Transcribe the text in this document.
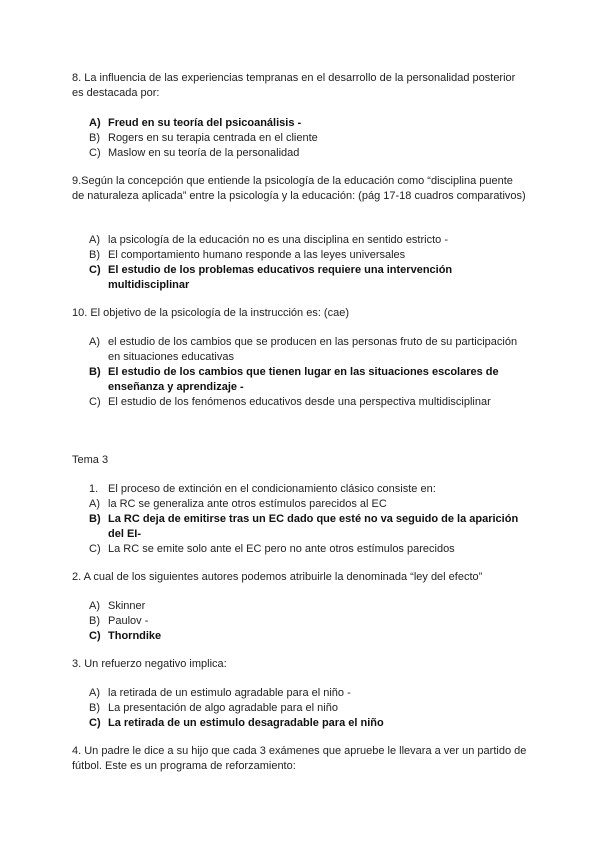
8. La influencia de las experiencias tempranas en el desarrollo de la personalidad posterior es destacada por:
A) Freud en su teoría del psicoanálisis -
B) Rogers en su terapia centrada en el cliente
C) Maslow en su teoría de la personalidad
9.Según la concepción que entiende la psicología de la educación como “disciplina puente de naturaleza aplicada” entre la psicología y la educación: (pág 17-18 cuadros comparativos)
A) la psicología de la educación no es una disciplina en sentido estricto -
B) El comportamiento humano responde a las leyes universales
C) El estudio de los problemas educativos requiere una intervención multidisciplinar
10. El objetivo de la psicología de la instrucción es: (cae)
A) el estudio de los cambios que se producen en las personas fruto de su participación en situaciones educativas
B) El estudio de los cambios que tienen lugar en las situaciones escolares de enseñanza y aprendizaje -
C) El estudio de los fenómenos educativos desde una perspectiva multidisciplinar
Tema 3
1. El proceso de extinción en el condicionamiento clásico consiste en:
A) la RC se generaliza ante otros estímulos parecidos al EC
B) La RC deja de emitirse tras un EC dado que esté no va seguido de la aparición del EI-
C) La RC se emite solo ante el EC pero no ante otros estímulos parecidos
2. A cual de los siguientes autores podemos atribuirle la denominada “ley del efecto”
A) Skinner
B) Paulov -
C) Thorndike
3. Un refuerzo negativo implica:
A) la retirada de un estimulo agradable para el niño -
B) La presentación de algo agradable para el niño
C) La retirada de un estimulo desagradable para el niño
4. Un padre le dice a su hijo que cada 3 exámenes que apruebe le llevara a ver un partido de fútbol. Este es un programa de reforzamiento:
